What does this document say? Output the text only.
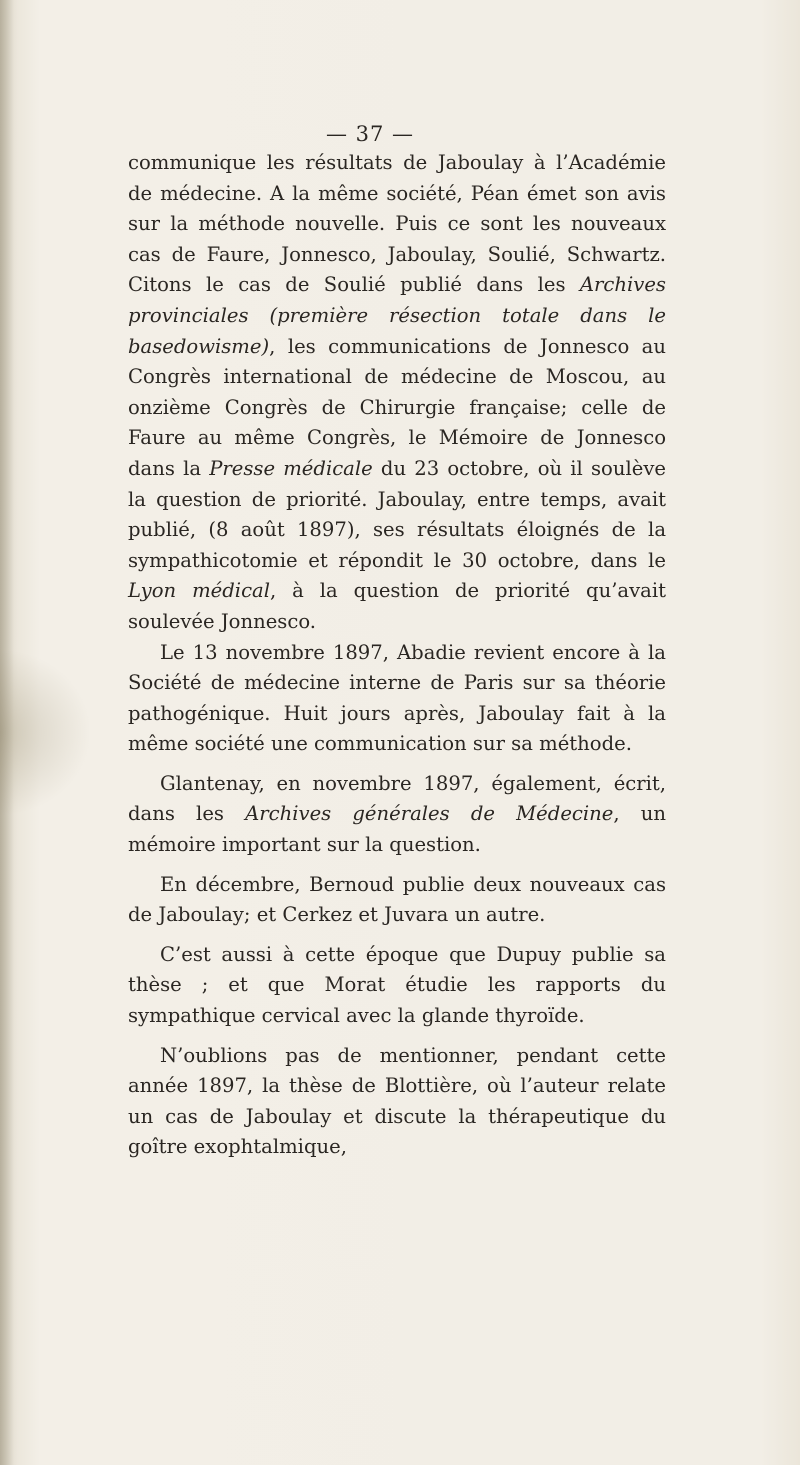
— 37 —

communique les résultats de Jaboulay à l’Académie de médecine. A la même société, Péan émet son avis sur la méthode nouvelle. Puis ce sont les nouveaux cas de Faure, Jonnesco, Jaboulay, Soulié, Schwartz. Citons le cas de Soulié publié dans les Archives provinciales (première résection totale dans le basedowisme), les communications de Jonnesco au Congrès international de médecine de Moscou, au onzième Congrès de Chirurgie française; celle de Faure au même Congrès, le Mémoire de Jonnesco dans la Presse médicale du 23 octobre, où il soulève la question de priorité. Jaboulay, entre temps, avait publié, (8 août 1897), ses résultats éloignés de la sympathicotomie et répondit le 30 octobre, dans le Lyon médical, à la question de priorité qu’avait soulevée Jonnesco.

Le 13 novembre 1897, Abadie revient encore à la Société de médecine interne de Paris sur sa théorie pathogénique. Huit jours après, Jaboulay fait à la même société une communication sur sa méthode.

Glantenay, en novembre 1897, également, écrit, dans les Archives générales de Médecine, un mémoire important sur la question.

En décembre, Bernoud publie deux nouveaux cas de Jaboulay; et Cerkez et Juvara un autre.

C’est aussi à cette époque que Dupuy publie sa thèse ; et que Morat étudie les rapports du sympathique cervical avec la glande thyroïde.

N’oublions pas de mentionner, pendant cette année 1897, la thèse de Blottière, où l’auteur relate un cas de Jaboulay et discute la thérapeutique du goître exophtalmique,
